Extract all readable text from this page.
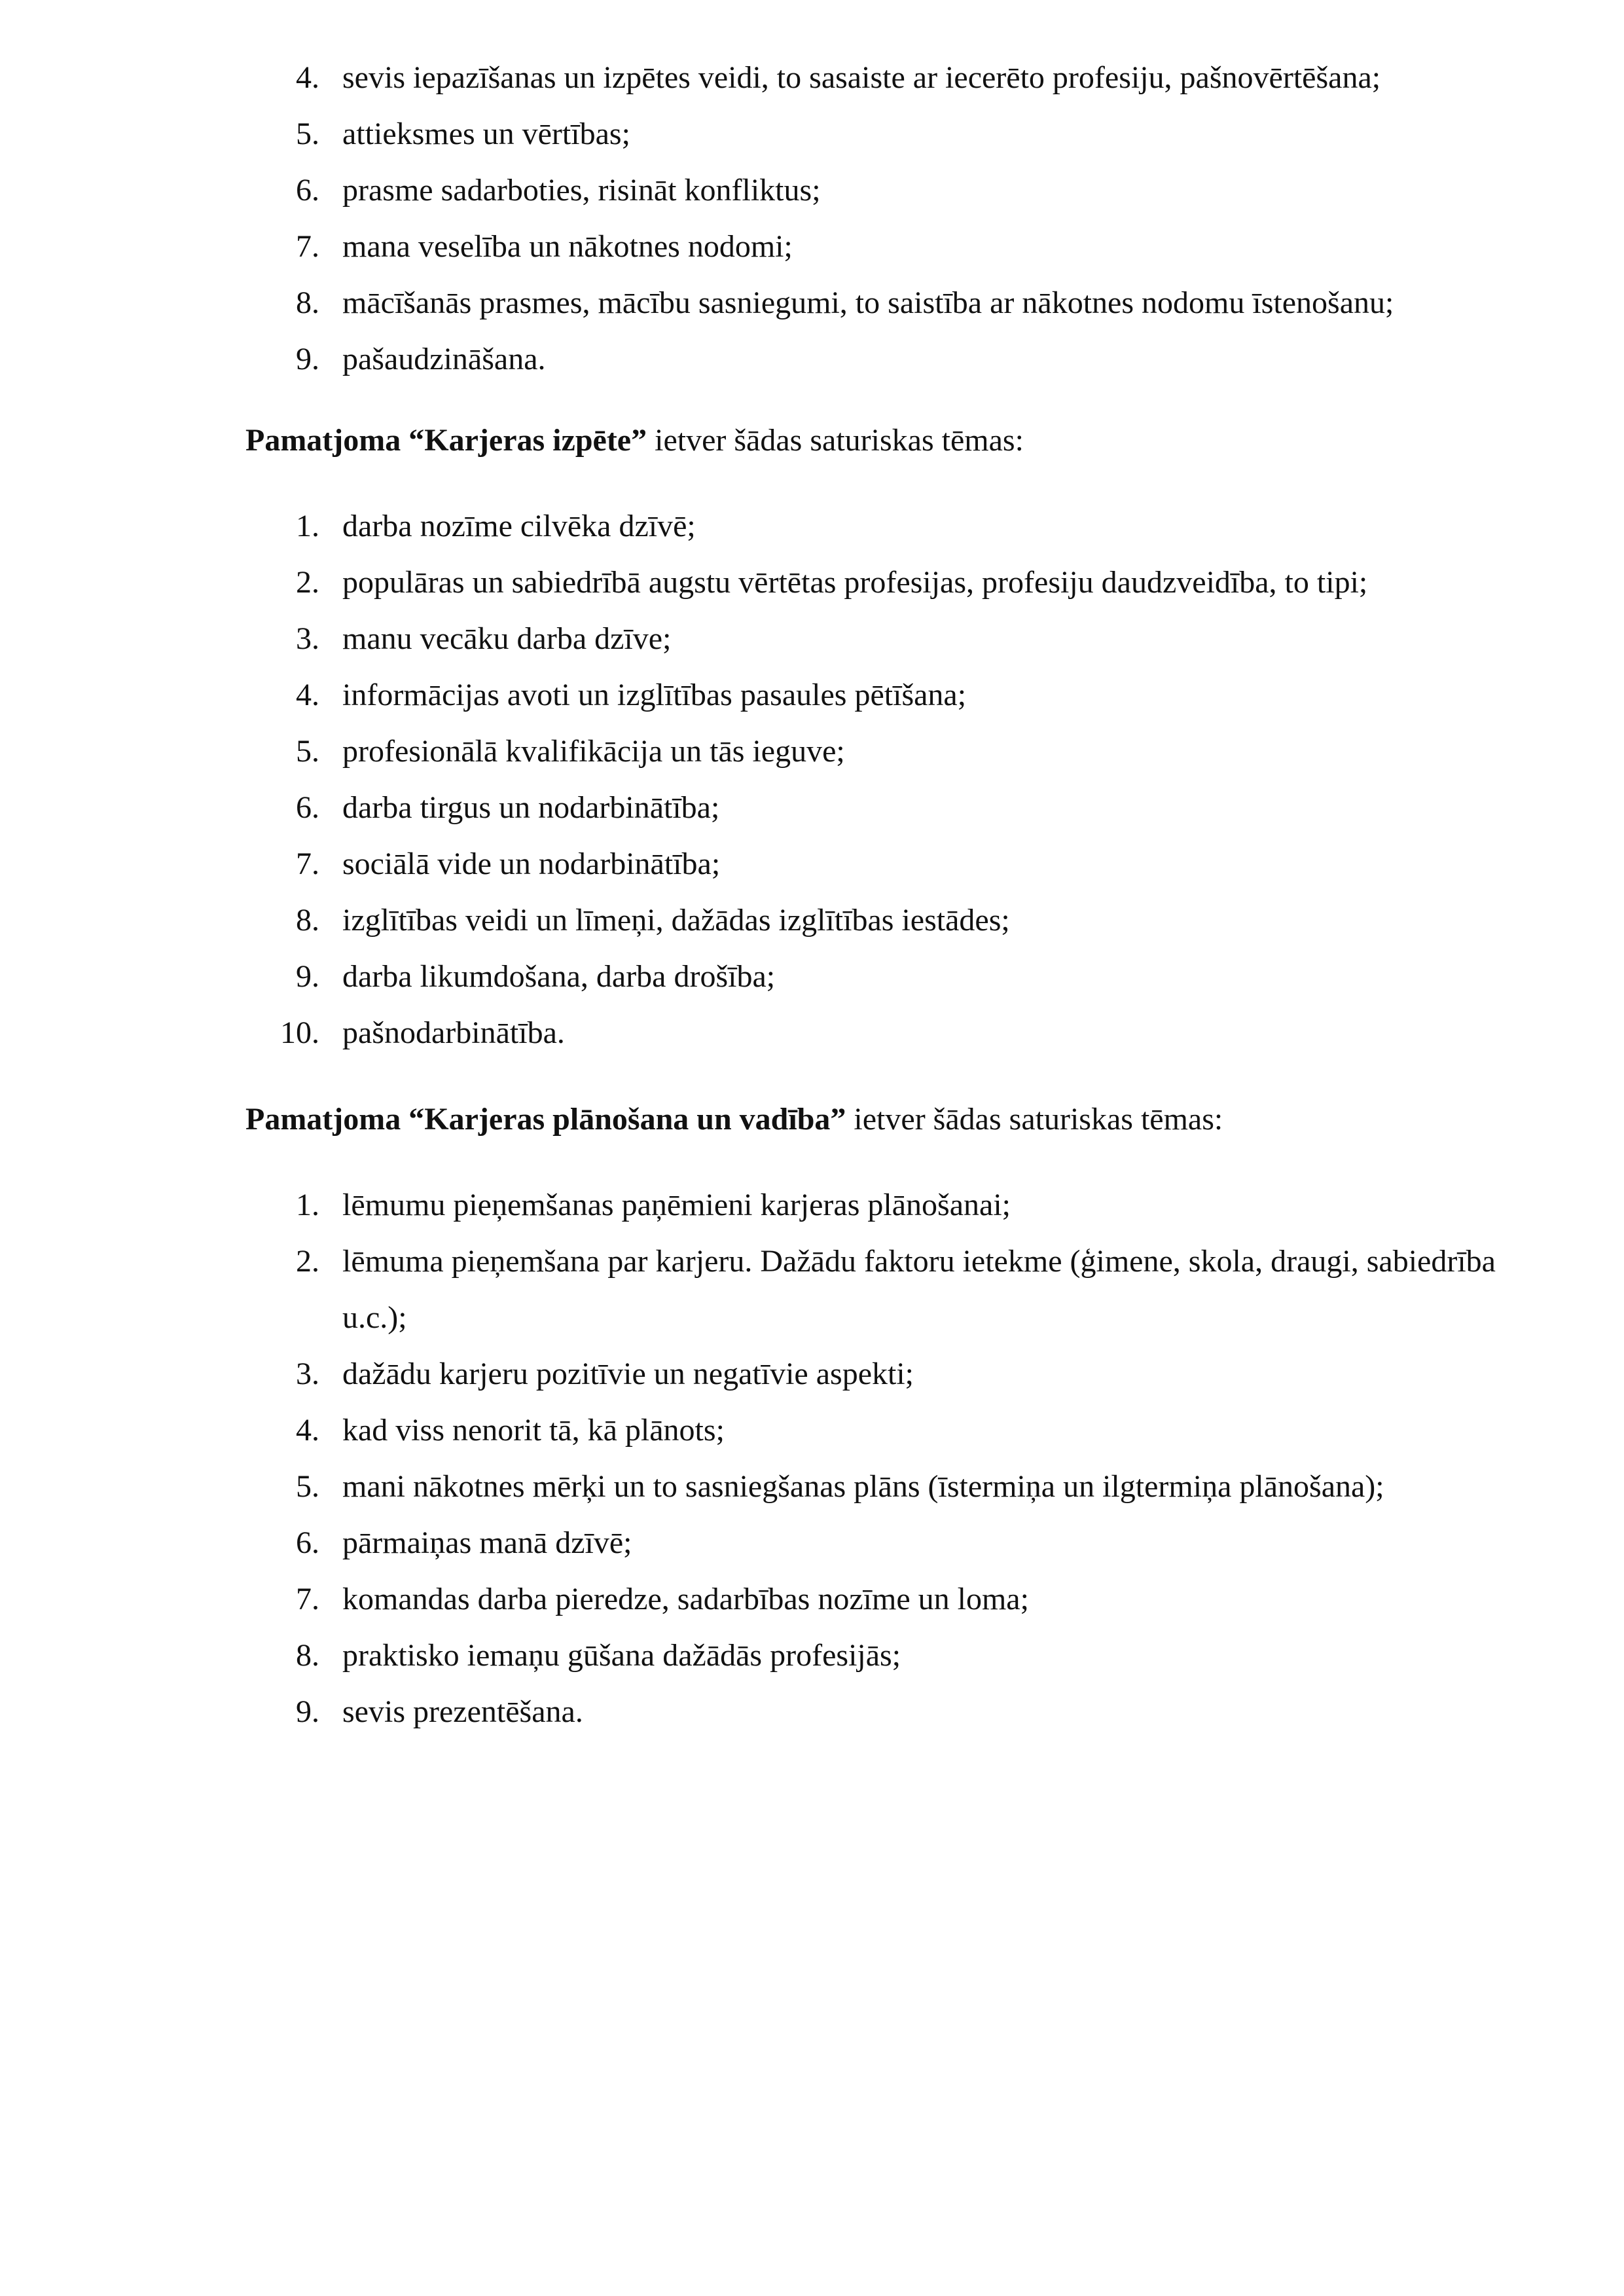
4. sevis iepazīšanas un izpētes veidi, to sasaiste ar iecerēto profesiju, pašnovērtēšana;
5. attieksmes un vērtības;
6. prasme sadarboties, risināt konfliktus;
7. mana veselība un nākotnes nodomi;
8. mācīšanās prasmes, mācību sasniegumi, to saistība ar nākotnes nodomu īstenošanu;
9. pašaudzināšana.

Pamatjoma “Karjeras izpēte” ietver šādas saturiskas tēmas:

1. darba nozīme cilvēka dzīvē;
2. populāras un sabiedrībā augstu vērtētas profesijas, profesiju daudzveidība, to tipi;
3. manu vecāku darba dzīve;
4. informācijas avoti un izglītības pasaules pētīšana;
5. profesionālā kvalifikācija un tās ieguve;
6. darba tirgus un nodarbinātība;
7. sociālā vide un nodarbinātība;
8. izglītības veidi un līmeņi, dažādas izglītības iestādes;
9. darba likumdošana, darba drošība;
10. pašnodarbinātība.

Pamatjoma “Karjeras plānošana un vadība” ietver šādas saturiskas tēmas:

1. lēmumu pieņemšanas paņēmieni karjeras plānošanai;
2. lēmuma pieņemšana par karjeru. Dažādu faktoru ietekme (ģimene, skola, draugi, sabiedrība u.c.);
3. dažādu karjeru pozitīvie un negatīvie aspekti;
4. kad viss nenorit tā, kā plānots;
5. mani nākotnes mērķi un to sasniegšanas plāns (īstermiņa un ilgtermiņa plānošana);
6. pārmaiņas manā dzīvē;
7. komandas darba pieredze, sadarbības nozīme un loma;
8. praktisko iemaņu gūšana dažādās profesijās;
9. sevis prezentēšana.
